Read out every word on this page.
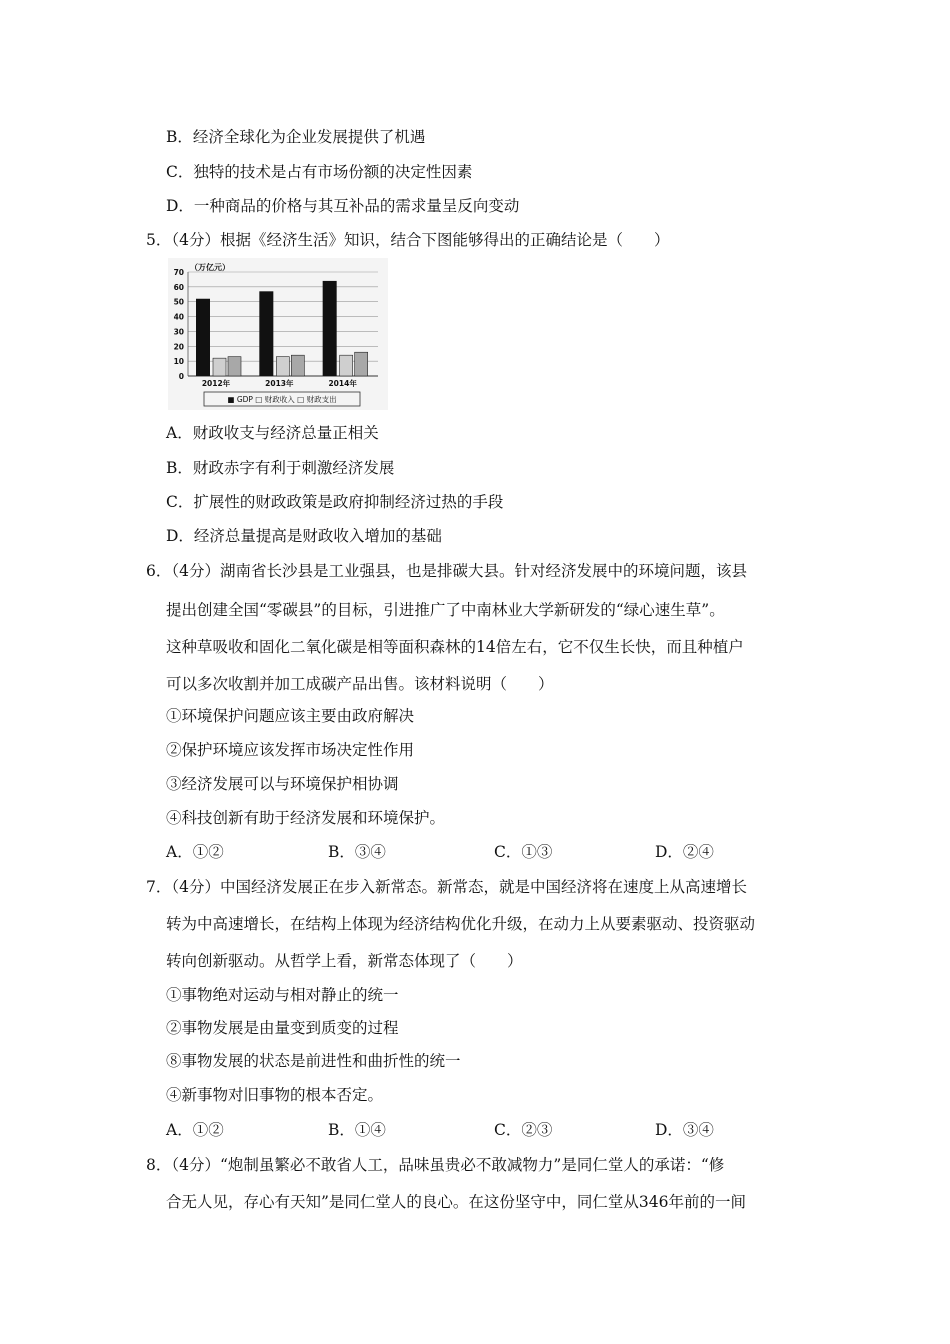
B．经济全球化为企业发展提供了机遇
C．独特的技术是占有市场份额的决定性因素
D．一种商品的价格与其互补品的需求量呈反向变动
5．（4分）根据《经济生活》知识，结合下图能够得出的正确结论是（　　）
0
10
20
30
40
50
60
70
2012年	2013年	2014年
（万亿元）
■ GDP □ 财政收入 □ 财政支出
A．财政收支与经济总量正相关
B．财政赤字有利于刺激经济发展
C．扩展性的财政政策是政府抑制经济过热的手段
D．经济总量提高是财政收入增加的基础
6．（4分）湖南省长沙县是工业强县，也是排碳大县。针对经济发展中的环境问题，该县
提出创建全国“零碳县”的目标，引进推广了中南林业大学新研发的“绿心速生草”。
这种草吸收和固化二氧化碳是相等面积森林的14倍左右，它不仅生长快，而且种植户
可以多次收割并加工成碳产品出售。该材料说明（　　）
①环境保护问题应该主要由政府解决
②保护环境应该发挥市场决定性作用
③经济发展可以与环境保护相协调
④科技创新有助于经济发展和环境保护。
A．①②	B．③④	C．①③	D．②④
7．（4分）中国经济发展正在步入新常态。新常态，就是中国经济将在速度上从高速增长
转为中高速增长，在结构上体现为经济结构优化升级，在动力上从要素驱动、投资驱动
转向创新驱动。从哲学上看，新常态体现了（　　）
①事物绝对运动与相对静止的统一
②事物发展是由量变到质变的过程
⑧事物发展的状态是前进性和曲折性的统一
④新事物对旧事物的根本否定。
A．①②	B．①④	C．②③	D．③④
8．（4分）“炮制虽繁必不敢省人工，品味虽贵必不敢减物力”是同仁堂人的承诺：“修
合无人见，存心有天知”是同仁堂人的良心。在这份坚守中，同仁堂从346年前的一间
